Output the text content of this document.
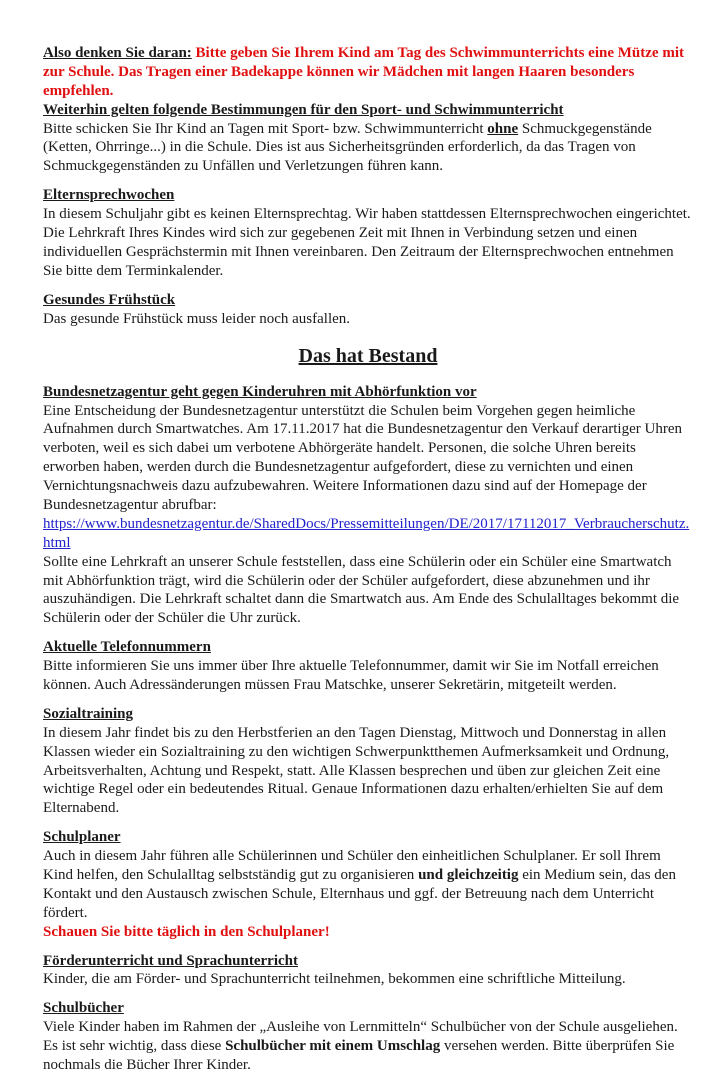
Also denken Sie daran: Bitte geben Sie Ihrem Kind am Tag des Schwimmunterrichts eine Mütze mit zur Schule. Das Tragen einer Badekappe können wir Mädchen mit langen Haaren besonders empfehlen.

Weiterhin gelten folgende Bestimmungen für den Sport- und Schwimmunterricht

Bitte schicken Sie Ihr Kind an Tagen mit Sport- bzw. Schwimmunterricht ohne Schmuckgegenstände (Ketten, Ohrringe...) in die Schule. Dies ist aus Sicherheitsgründen erforderlich, da das Tragen von Schmuckgegenständen zu Unfällen und Verletzungen führen kann.

Elternsprechwochen

In diesem Schuljahr gibt es keinen Elternsprechtag. Wir haben stattdessen Elternsprechwochen eingerichtet. Die Lehrkraft Ihres Kindes wird sich zur gegebenen Zeit mit Ihnen in Verbindung setzen und einen individuellen Gesprächstermin mit Ihnen vereinbaren. Den Zeitraum der Elternsprechwochen entnehmen Sie bitte dem Terminkalender.

Gesundes Frühstück

Das gesunde Frühstück muss leider noch ausfallen.

Das hat Bestand
Bundesnetzagentur geht gegen Kinderuhren mit Abhörfunktion vor

Eine Entscheidung der Bundesnetzagentur unterstützt die Schulen beim Vorgehen gegen heimliche Aufnahmen durch Smartwatches. Am 17.11.2017 hat die Bundesnetzagentur den Verkauf derartiger Uhren verboten, weil es sich dabei um verbotene Abhörgeräte handelt. Personen, die solche Uhren bereits erworben haben, werden durch die Bundesnetzagentur aufgefordert, diese zu vernichten und einen Vernichtungsnachweis dazu aufzubewahren. Weitere Informationen dazu sind auf der Homepage der Bundesnetzagentur abrufbar:

https://www.bundesnetzagentur.de/SharedDocs/Pressemitteilungen/DE/2017/17112017_Verbraucherschutz.html

Sollte eine Lehrkraft an unserer Schule feststellen, dass eine Schülerin oder ein Schüler eine Smartwatch mit Abhörfunktion trägt, wird die Schülerin oder der Schüler aufgefordert, diese abzunehmen und ihr auszuhändigen. Die Lehrkraft schaltet dann die Smartwatch aus. Am Ende des Schulalltages bekommt die Schülerin oder der Schüler die Uhr zurück.

Aktuelle Telefonnummern

Bitte informieren Sie uns immer über Ihre aktuelle Telefonnummer, damit wir Sie im Notfall erreichen können. Auch Adressänderungen müssen Frau Matschke, unserer Sekretärin, mitgeteilt werden.

Sozialtraining

In diesem Jahr findet bis zu den Herbstferien an den Tagen Dienstag, Mittwoch und Donnerstag in allen Klassen wieder ein Sozialtraining zu den wichtigen Schwerpunktthemen Aufmerksamkeit und Ordnung, Arbeitsverhalten, Achtung und Respekt, statt. Alle Klassen besprechen und üben zur gleichen Zeit eine wichtige Regel oder ein bedeutendes Ritual. Genaue Informationen dazu erhalten/erhielten Sie auf dem Elternabend.

Schulplaner

Auch in diesem Jahr führen alle Schülerinnen und Schüler den einheitlichen Schulplaner. Er soll Ihrem Kind helfen, den Schulalltag selbstständig gut zu organisieren und gleichzeitig ein Medium sein, das den Kontakt und den Austausch zwischen Schule, Elternhaus und ggf. der Betreuung nach dem Unterricht fördert.

Schauen Sie bitte täglich in den Schulplaner!

Förderunterricht und Sprachunterricht

Kinder, die am Förder- und Sprachunterricht teilnehmen, bekommen eine schriftliche Mitteilung.

Schulbücher

Viele Kinder haben im Rahmen der „Ausleihe von Lernmitteln“ Schulbücher von der Schule ausgeliehen. Es ist sehr wichtig, dass diese Schulbücher mit einem Umschlag versehen werden. Bitte überprüfen Sie nochmals die Bücher Ihrer Kinder.
